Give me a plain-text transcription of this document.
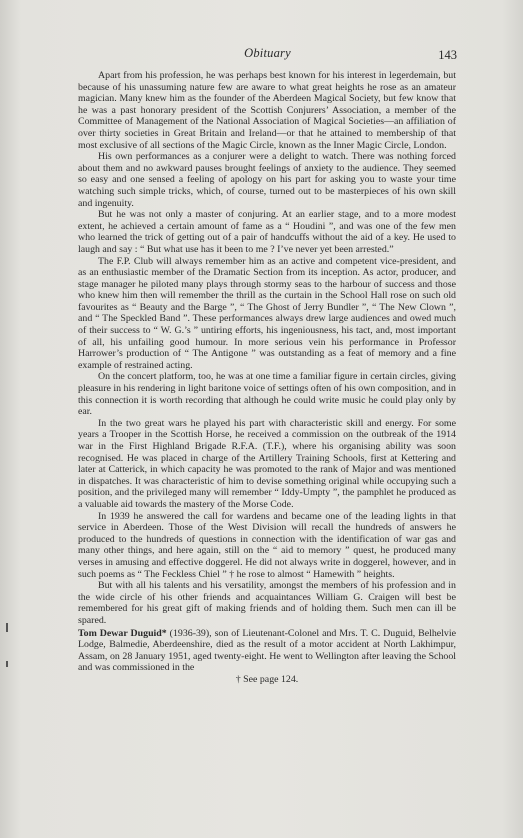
Obituary	143

Apart from his profession, he was perhaps best known for his interest in legerdemain, but because of his unassuming nature few are aware to what great heights he rose as an amateur magician. Many knew him as the founder of the Aberdeen Magical Society, but few know that he was a past honorary president of the Scottish Conjurers’ Association, a member of the Committee of Management of the National Association of Magical Societies—an affiliation of over thirty societies in Great Britain and Ireland—or that he attained to membership of that most exclusive of all sections of the Magic Circle, known as the Inner Magic Circle, London.

His own performances as a conjurer were a delight to watch. There was nothing forced about them and no awkward pauses brought feelings of anxiety to the audience. They seemed so easy and one sensed a feeling of apology on his part for asking you to waste your time watching such simple tricks, which, of course, turned out to be masterpieces of his own skill and ingenuity.

But he was not only a master of conjuring. At an earlier stage, and to a more modest extent, he achieved a certain amount of fame as a “ Houdini ”, and was one of the few men who learned the trick of getting out of a pair of handcuffs without the aid of a key. He used to laugh and say : “ But what use has it been to me ? I’ve never yet been arrested.”

The F.P. Club will always remember him as an active and competent vice-president, and as an enthusiastic member of the Dramatic Section from its inception. As actor, producer, and stage manager he piloted many plays through stormy seas to the harbour of success and those who knew him then will remember the thrill as the curtain in the School Hall rose on such old favourites as “ Beauty and the Barge ”, “ The Ghost of Jerry Bundler ”, “ The New Clown ”, and “ The Speckled Band ”. These performances always drew large audiences and owed much of their success to “ W. G.’s ” untiring efforts, his ingeniousness, his tact, and, most important of all, his unfailing good humour. In more serious vein his performance in Professor Harrower’s production of “ The Antigone ” was outstanding as a feat of memory and a fine example of restrained acting.

On the concert platform, too, he was at one time a familiar figure in certain circles, giving pleasure in his rendering in light baritone voice of settings often of his own composition, and in this connection it is worth recording that although he could write music he could play only by ear.

In the two great wars he played his part with characteristic skill and energy. For some years a Trooper in the Scottish Horse, he received a commission on the outbreak of the 1914 war in the First Highland Brigade R.F.A. (T.F.), where his organising ability was soon recognised. He was placed in charge of the Artillery Training Schools, first at Kettering and later at Catterick, in which capacity he was promoted to the rank of Major and was mentioned in dispatches. It was characteristic of him to devise something original while occupying such a position, and the privileged many will remember “ Iddy-Umpty ”, the pamphlet he produced as a valuable aid towards the mastery of the Morse Code.

In 1939 he answered the call for wardens and became one of the leading lights in that service in Aberdeen. Those of the West Division will recall the hundreds of answers he produced to the hundreds of questions in connection with the identification of war gas and many other things, and here again, still on the “ aid to memory ” quest, he produced many verses in amusing and effective doggerel. He did not always write in doggerel, however, and in such poems as “ The Feckless Chiel ” † he rose to almost “ Hamewith ” heights.

But with all his talents and his versatility, amongst the members of his profession and in the wide circle of his other friends and acquaintances William G. Craigen will best be remembered for his great gift of making friends and of holding them. Such men can ill be spared.

Tom Dewar Duguid* (1936-39), son of Lieutenant-Colonel and Mrs. T. C. Duguid, Belhelvie Lodge, Balmedie, Aberdeenshire, died as the result of a motor accident at North Lakhimpur, Assam, on 28 January 1951, aged twenty-eight. He went to Wellington after leaving the School and was commissioned in the

† See page 124.
